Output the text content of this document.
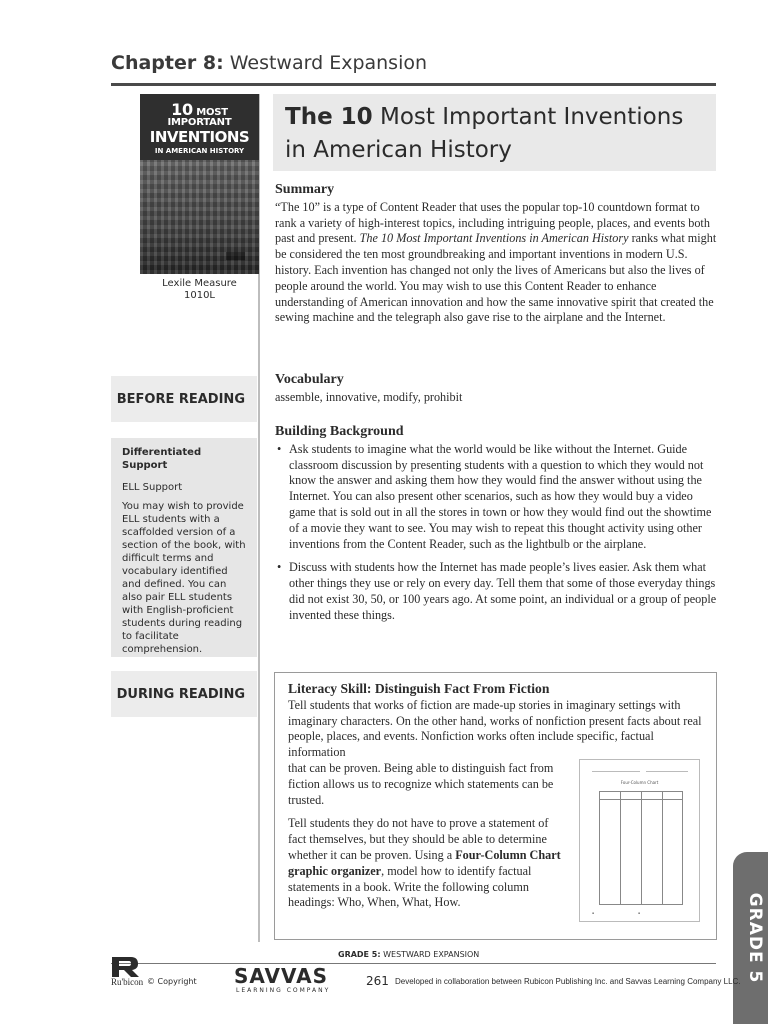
Chapter 8: Westward Expansion
10 MOST IMPORTANT
INVENTIONS
IN AMERICAN HISTORY

Lexile Measure
1010L
BEFORE READING
Differentiated Support
ELL Support
You may wish to provide ELL students with a scaffolded version of a section of the book, with difficult terms and vocabulary identified and defined. You can also pair ELL students with English-proficient students during reading to facilitate comprehension.
DURING READING
The 10 Most Important Inventions
in American History
Summary

“The 10” is a type of Content Reader that uses the popular top-10 countdown format to rank a variety of high-interest topics, including intriguing people, places, and events both past and present. The 10 Most Important Inventions in American History ranks what might be considered the ten most groundbreaking and important inventions in modern U.S. history. Each invention has changed not only the lives of Americans but also the lives of people around the world. You may wish to use this Content Reader to enhance understanding of American innovation and how the same innovative spirit that created the sewing machine and the telegraph also gave rise to the airplane and the Internet.

Vocabulary

assemble, innovative, modify, prohibit

Building Background
• Ask students to imagine what the world would be like without the Internet. Guide classroom discussion by presenting students with a question to which they would not know the answer and asking them how they would find the answer without using the Internet. You can also present other scenarios, such as how they would buy a video game that is sold out in all the stores in town or how they would find out the showtime of a movie they want to see. You may wish to repeat this thought activity using other inventions from the Content Reader, such as the lightbulb or the airplane.
• Discuss with students how the Internet has made people’s lives easier. Ask them what other things they use or rely on every day. Tell them that some of those everyday things did not exist 30, 50, or 100 years ago. At some point, an individual or a group of people invented these things.
Literacy Skill: Distinguish Fact From Fiction

Tell students that works of fiction are made-up stories in imaginary settings with imaginary characters. On the other hand, works of nonfiction present facts about real people, places, and events. Nonfiction works often include specific, factual information
that can be proven. Being able to distinguish fact from fiction allows us to recognize which statements can be trusted.

Tell students they do not have to prove a statement of fact themselves, but they should be able to determine whether it can be proven. Using a Four-Column Chart graphic organizer, model how to identify factual statements in a book. Write the following column headings: Who, When, What, How.

Four-Column Chart
▪	▪	GRADE 5
GRADE 5: WESTWARD EXPANSION
Ru'bicon © Copyright SAVVAS
LEARNING COMPANY
261 Developed in collaboration between Rubicon Publishing Inc. and Savvas Learning Company LLC.
